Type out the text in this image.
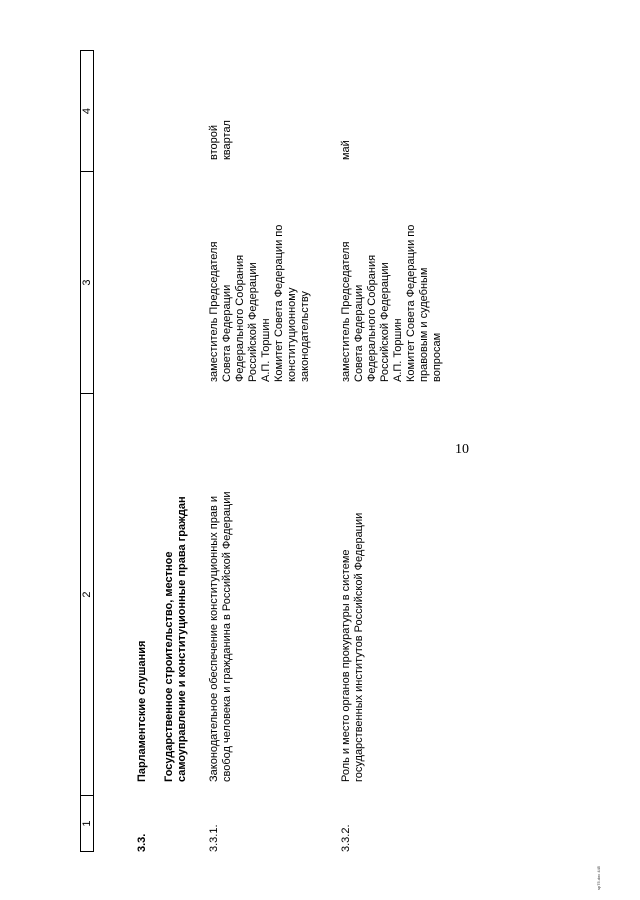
10
1
2
3
4
3.3.
Парламентские слушания Государственное строительство, местное самоуправление и конституционные права граждан
3.3.1.
Законодательное обеспечение конституционных прав и свобод человека и гражданина в Российской Федерации
заместитель Председателя Совета Федерации Федерального Собрания Российской Федерации А.П. Торшин Комитет Совета Федерации по конституционному законодательству
второй квартал
3.3.2.
Роль и место органов прокуратуры в системе государственных институтов Российской Федерации
заместитель Председателя Совета Федерации Федерального Собрания Российской Федерации А.П. Торшин Комитет Совета Федерации по правовым и судебным вопросам
май
sp75.doc 445
